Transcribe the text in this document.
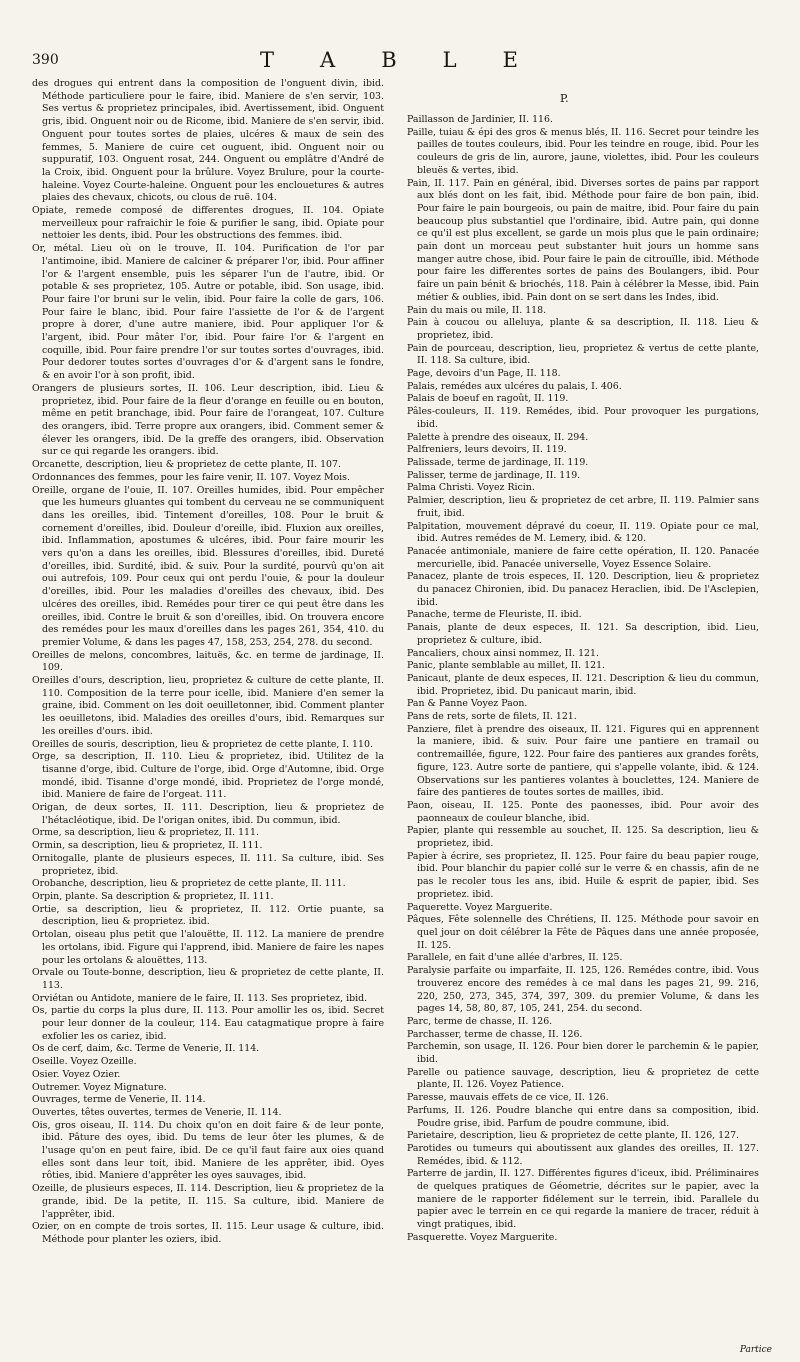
390	T A B L E
des drogues qui entrent dans la composition de l'onguent divin, ibid. Méthode particuliere pour le faire, ibid. Maniere de s'en servir, 103. Ses vertus & proprietez principales, ibid. Avertissement, ibid. Onguent gris, ibid. Onguent noir ou de Ricome, ibid. Maniere de s'en servir, ibid. Onguent pour toutes sortes de plaies, ulcéres & maux de sein des femmes, 5. Maniere de cuire cet ouguent, ibid. Onguent noir ou suppuratif, 103. Onguent rosat, 244. Onguent ou emplâtre d'André de la Croix, ibid. Onguent pour la brûlure. Voyez Brulure, pour la courte-haleine. Voyez Courte-haleine. Onguent pour les enclouetures & autres plaies des chevaux, chicots, ou clous de ruë. 104.
Opiate, remede composé de differentes drogues, II. 104. Opiate merveilleux pour rafraichir le foie & purifier le sang, ibid. Opiate pour nettoier les dents, ibid. Pour les obstructions des femmes. ibid.
Or, métal. Lieu où on le trouve, II. 104. Purification de l'or par l'antimoine, ibid. Maniere de calciner & préparer l'or, ibid. Pour affiner l'or & l'argent ensemble, puis les séparer l'un de l'autre, ibid. Or potable & ses proprietez, 105. Autre or potable, ibid. Son usage, ibid. Pour faire l'or bruni sur le velin, ibid. Pour faire la colle de gars, 106. Pour faire le blanc, ibid. Pour faire l'assiette de l'or & de l'argent propre à dorer, d'une autre maniere, ibid. Pour appliquer l'or & l'argent, ibid. Pour mâter l'or, ibid. Pour faire l'or & l'argent en coquille, ibid. Pour faire prendre l'or sur toutes sortes d'ouvrages, ibid. Pour dedorer toutes sortes d'ouvrages d'or & d'argent sans le fondre, & en avoir l'or à son profit, ibid.
Orangers de plusieurs sortes, II. 106. Leur description, ibid. Lieu & proprietez, ibid. Pour faire de la fleur d'orange en feuille ou en bouton, même en petit branchage, ibid. Pour faire de l'orangeat, 107. Culture des orangers, ibid. Terre propre aux orangers, ibid. Comment semer & élever les orangers, ibid. De la greffe des orangers, ibid. Observation sur ce qui regarde les orangers. ibid.
Orcanette, description, lieu & proprietez de cette plante, II. 107.
Ordonnances des femmes, pour les faire venir, II. 107. Voyez Mois.
Oreille, organe de l'ouie, II. 107. Oreilles humides, ibid. Pour empêcher que les humeurs gluantes qui tombent du cerveau ne se communiquent dans les oreilles, ibid. Tintement d'oreilles, 108. Pour le bruit & cornement d'oreilles, ibid. Douleur d'oreille, ibid. Fluxion aux oreilles, ibid. Inflammation, apostumes & ulcéres, ibid. Pour faire mourir les vers qu'on a dans les oreilles, ibid. Blessures d'oreilles, ibid. Dureté d'oreilles, ibid. Surdité, ibid. & suiv. Pour la surdité, pourvû qu'on ait oui autrefois, 109. Pour ceux qui ont perdu l'ouie, & pour la douleur d'oreilles, ibid. Pour les maladies d'oreilles des chevaux, ibid. Des ulcéres des oreilles, ibid. Remédes pour tirer ce qui peut être dans les oreilles, ibid. Contre le bruit & son d'oreilles, ibid. On trouvera encore des remédes pour les maux d'oreilles dans les pages 261, 354, 410. du premier Volume, & dans les pages 47, 158, 253, 254, 278. du second.
Oreilles de melons, concombres, laituës, &c. en terme de jardinage, II. 109.
Oreilles d'ours, description, lieu, proprietez & culture de cette plante, II. 110. Composition de la terre pour icelle, ibid. Maniere d'en semer la graine, ibid. Comment on les doit oeuilletonner, ibid. Comment planter les oeuilletons, ibid. Maladies des oreilles d'ours, ibid. Remarques sur les oreilles d'ours. ibid.
Oreilles de souris, description, lieu & proprietez de cette plante, I. 110.
Orge, sa description, II. 110. Lieu & proprietez, ibid. Utilitez de la tisanne d'orge, ibid. Culture de l'orge, ibid. Orge d'Automne, ibid. Orge mondé, ibid. Tisanne d'orge mondé, ibid. Proprietez de l'orge mondé, ibid. Maniere de faire de l'orgeat. 111.
Origan, de deux sortes, II. 111. Description, lieu & proprietez de l'hétacléotique, ibid. De l'origan onites, ibid. Du commun, ibid.
Orme, sa description, lieu & proprietez, II. 111.
Ormin, sa description, lieu & proprietez, II. 111.
Ornitogalle, plante de plusieurs especes, II. 111. Sa culture, ibid. Ses proprietez, ibid.
Orobanche, description, lieu & proprietez de cette plante, II. 111.
Orpin, plante. Sa description & proprietez, II. 111.
Ortie, sa description, lieu & proprietez, II. 112. Ortie puante, sa description, lieu & proprietez. ibid.
Ortolan, oiseau plus petit que l'alouëtte, II. 112. La maniere de prendre les ortolans, ibid. Figure qui l'apprend, ibid. Maniere de faire les napes pour les ortolans & alouëttes, 113.
Orvale ou Toute-bonne, description, lieu & proprietez de cette plante, II. 113.
Orviétan ou Antidote, maniere de le faire, II. 113. Ses proprietez, ibid.
Os, partie du corps la plus dure, II. 113. Pour amollir les os, ibid. Secret pour leur donner de la couleur, 114. Eau catagmatique propre à faire exfolier les os cariez, ibid.
Os de cerf, daim, &c. Terme de Venerie, II. 114.
Oseille. Voyez Ozeille.
Osier. Voyez Ozier.
Outremer. Voyez Mignature.
Ouvrages, terme de Venerie, II. 114.
Ouvertes, têtes ouvertes, termes de Venerie, II. 114.
Ois, gros oiseau, II. 114. Du choix qu'on en doit faire & de leur ponte, ibid. Pâture des oyes, ibid. Du tems de leur ôter les plumes, & de l'usage qu'on en peut faire, ibid. De ce qu'il faut faire aux oies quand elles sont dans leur toit, ibid. Maniere de les apprêter, ibid. Oyes rôties, ibid. Maniere d'apprêter les oyes sauvages, ibid.
Ozeille, de plusieurs especes, II. 114. Description, lieu & proprietez de la grande, ibid. De la petite, II. 115. Sa culture, ibid. Maniere de l'apprêter, ibid.
Ozier, on en compte de trois sortes, II. 115. Leur usage & culture, ibid. Méthode pour planter les oziers, ibid.
P.
Paillasson de Jardinier, II. 116.
Paille, tuiau & épi des gros & menus blés, II. 116. Secret pour teindre les pailles de toutes couleurs, ibid. Pour les teindre en rouge, ibid. Pour les couleurs de gris de lin, aurore, jaune, violettes, ibid. Pour les couleurs bleuës & vertes, ibid.
Pain, II. 117. Pain en général, ibid. Diverses sortes de pains par rapport aux blés dont on les fait, ibid. Méthode pour faire de bon pain, ibid. Pour faire le pain bourgeois, ou pain de maitre, ibid. Pour faire du pain beaucoup plus substantiel que l'ordinaire, ibid. Autre pain, qui donne ce qu'il est plus excellent, se garde un mois plus que le pain ordinaire; pain dont un morceau peut substanter huit jours un homme sans manger autre chose, ibid. Pour faire le pain de citrouïlle, ibid. Méthode pour faire les differentes sortes de pains des Boulangers, ibid. Pour faire un pain bénit & briochés, 118. Pain à célébrer la Messe, ibid. Pain métier & oublies, ibid. Pain dont on se sert dans les Indes, ibid.
Pain du mais ou mile, II. 118.
Pain à coucou ou alleluya, plante & sa description, II. 118. Lieu & proprietez, ibid.
Pain de pourceau, description, lieu, proprietez & vertus de cette plante, II. 118. Sa culture, ibid.
Page, devoirs d'un Page, II. 118.
Palais, remédes aux ulcéres du palais, I. 406.
Palais de boeuf en ragoût, II. 119.
Pâles-couleurs, II. 119. Remédes, ibid. Pour provoquer les purgations, ibid.
Palette à prendre des oiseaux, II. 294.
Palfreniers, leurs devoirs, II. 119.
Palissade, terme de jardinage, II. 119.
Palisser, terme de jardinage, II. 119.
Palma Christi. Voyez Ricin.
Palmier, description, lieu & proprietez de cet arbre, II. 119. Palmier sans fruit, ibid.
Palpitation, mouvement dépravé du coeur, II. 119. Opiate pour ce mal, ibid. Autres remédes de M. Lemery, ibid. & 120.
Panacée antimoniale, maniere de faire cette opération, II. 120. Panacée mercurielle, ibid. Panacée universelle, Voyez Essence Solaire.
Panacez, plante de trois especes, II. 120. Description, lieu & proprietez du panacez Chironien, ibid. Du panacez Heraclien, ibid. De l'Asclepien, ibid.
Panache, terme de Fleuriste, II. ibid.
Panais, plante de deux especes, II. 121. Sa description, ibid. Lieu, proprietez & culture, ibid.
Pancaliers, choux ainsi nommez, II. 121.
Panic, plante semblable au millet, II. 121.
Panicaut, plante de deux especes, II. 121. Description & lieu du commun, ibid. Proprietez, ibid. Du panicaut marin, ibid.
Pan & Panne Voyez Paon.
Pans de rets, sorte de filets, II. 121.
Panziere, filet à prendre des oiseaux, II. 121. Figures qui en apprennent la maniere, ibid. & suiv. Pour faire une pantiere en tramail ou contremaillée, figure, 122. Pour faire des pantieres aux grandes forêts, figure, 123. Autre sorte de pantiere, qui s'appelle volante, ibid. & 124. Observations sur les pantieres volantes à bouclettes, 124. Maniere de faire des pantieres de toutes sortes de mailles, ibid.
Paon, oiseau, II. 125. Ponte des paonesses, ibid. Pour avoir des paonneaux de couleur blanche, ibid.
Papier, plante qui ressemble au souchet, II. 125. Sa description, lieu & proprietez, ibid.
Papier à écrire, ses proprietez, II. 125. Pour faire du beau papier rouge, ibid. Pour blanchir du papier collé sur le verre & en chassis, afin de ne pas le recoler tous les ans, ibid. Huile & esprit de papier, ibid. Ses proprietez. ibid.
Paquerette. Voyez Marguerite.
Pâques, Fête solennelle des Chrétiens, II. 125. Méthode pour savoir en quel jour on doit célébrer la Fête de Pâques dans une année proposée, II. 125.
Parallele, en fait d'une allée d'arbres, II. 125.
Paralysie parfaite ou imparfaite, II. 125, 126. Remédes contre, ibid. Vous trouverez encore des remédes à ce mal dans les pages 21, 99. 216, 220, 250, 273, 345, 374, 397, 309. du premier Volume, & dans les pages 14, 58, 80, 87, 105, 241, 254. du second.
Parc, terme de chasse, II. 126.
Parchasser, terme de chasse, II. 126.
Parchemin, son usage, II. 126. Pour bien dorer le parchemin & le papier, ibid.
Parelle ou patience sauvage, description, lieu & proprietez de cette plante, II. 126. Voyez Patience.
Paresse, mauvais effets de ce vice, II. 126.
Parfums, II. 126. Poudre blanche qui entre dans sa composition, ibid. Poudre grise, ibid. Parfum de poudre commune, ibid.
Parietaire, description, lieu & proprietez de cette plante, II. 126, 127.
Parotides ou tumeurs qui aboutissent aux glandes des oreilles, II. 127. Remédes, ibid. & 112.
Parterre de jardin, II. 127. Différentes figures d'iceux, ibid. Préliminaires de quelques pratiques de Géometrie, décrites sur le papier, avec la maniere de le rapporter fidélement sur le terrein, ibid. Parallele du papier avec le terrein en ce qui regarde la maniere de tracer, réduit à vingt pratiques, ibid.
Pasquerette. Voyez Marguerite.
Partice
